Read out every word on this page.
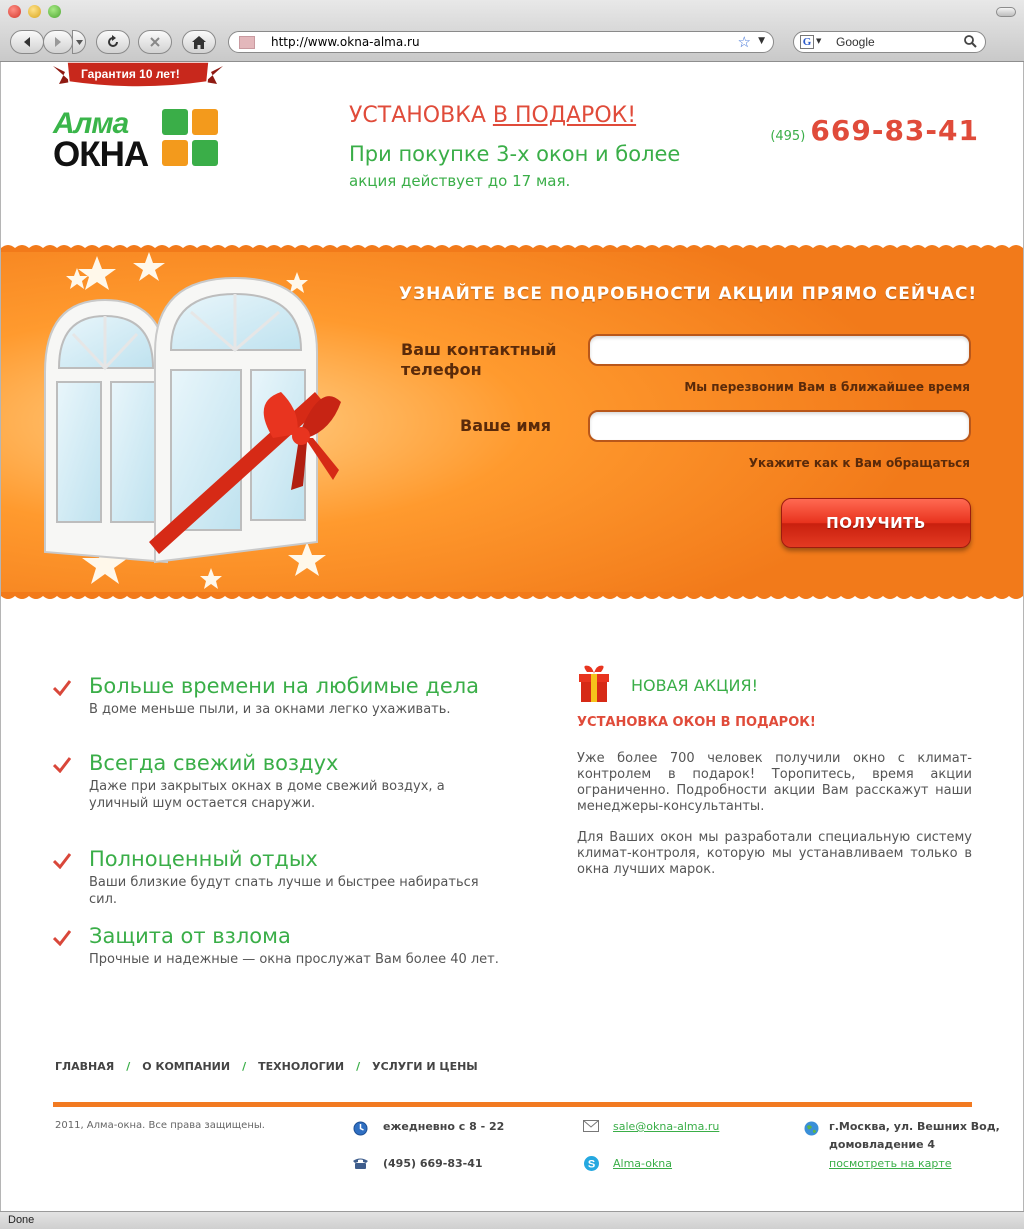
http://www.okna-alma.ru	☆ ▼	G ▼ Google
Гарантия 10 лет!
Алма
ОКНА
УСТАНОВКА В ПОДАРОК!
При покупке 3-х окон и более
акция действует до 17 мая.
(495) 669-83-41
УЗНАЙТЕ ВСЕ ПОДРОБНОСТИ АКЦИИ ПРЯМО СЕЙЧАС!
Ваш контактный
телефон
Мы перезвоним Вам в ближайшее время
Ваше имя
Укажите как к Вам обращаться
ПОЛУЧИТЬ
Больше времени на любимые дела
В доме меньше пыли, и за окнами легко ухаживать.
Всегда свежий воздух
Даже при закрытых окнах в доме свежий воздух, а уличный шум остается снаружи.
Полноценный отдых
Ваши близкие будут спать лучше и быстрее набираться сил.
Защита от взлома
Прочные и надежные — окна прослужат Вам более 40 лет.
НОВАЯ АКЦИЯ!
УСТАНОВКА ОКОН В ПОДАРОК!
Уже более 700 человек получили окно с климат-контролем в подарок! Торопитесь, время акции ограниченно. Подробности акции Вам расскажут наши менеджеры-консультанты.
Для Ваших окон мы разработали специальную систему климат-контроля, которую мы устанавливаем только в окна лучших марок.
ГЛАВНАЯ / О КОМПАНИИ / ТЕХНОЛОГИИ / УСЛУГИ И ЦЕНЫ
2011, Алма-окна. Все права защищены.	ежедневно с 8 - 22
(495) 669-83-41
sale@okna-alma.ru
S Alma-okna
г.Москва, ул. Вешних Вод,
домовладение 4
посмотреть на карте
Done
